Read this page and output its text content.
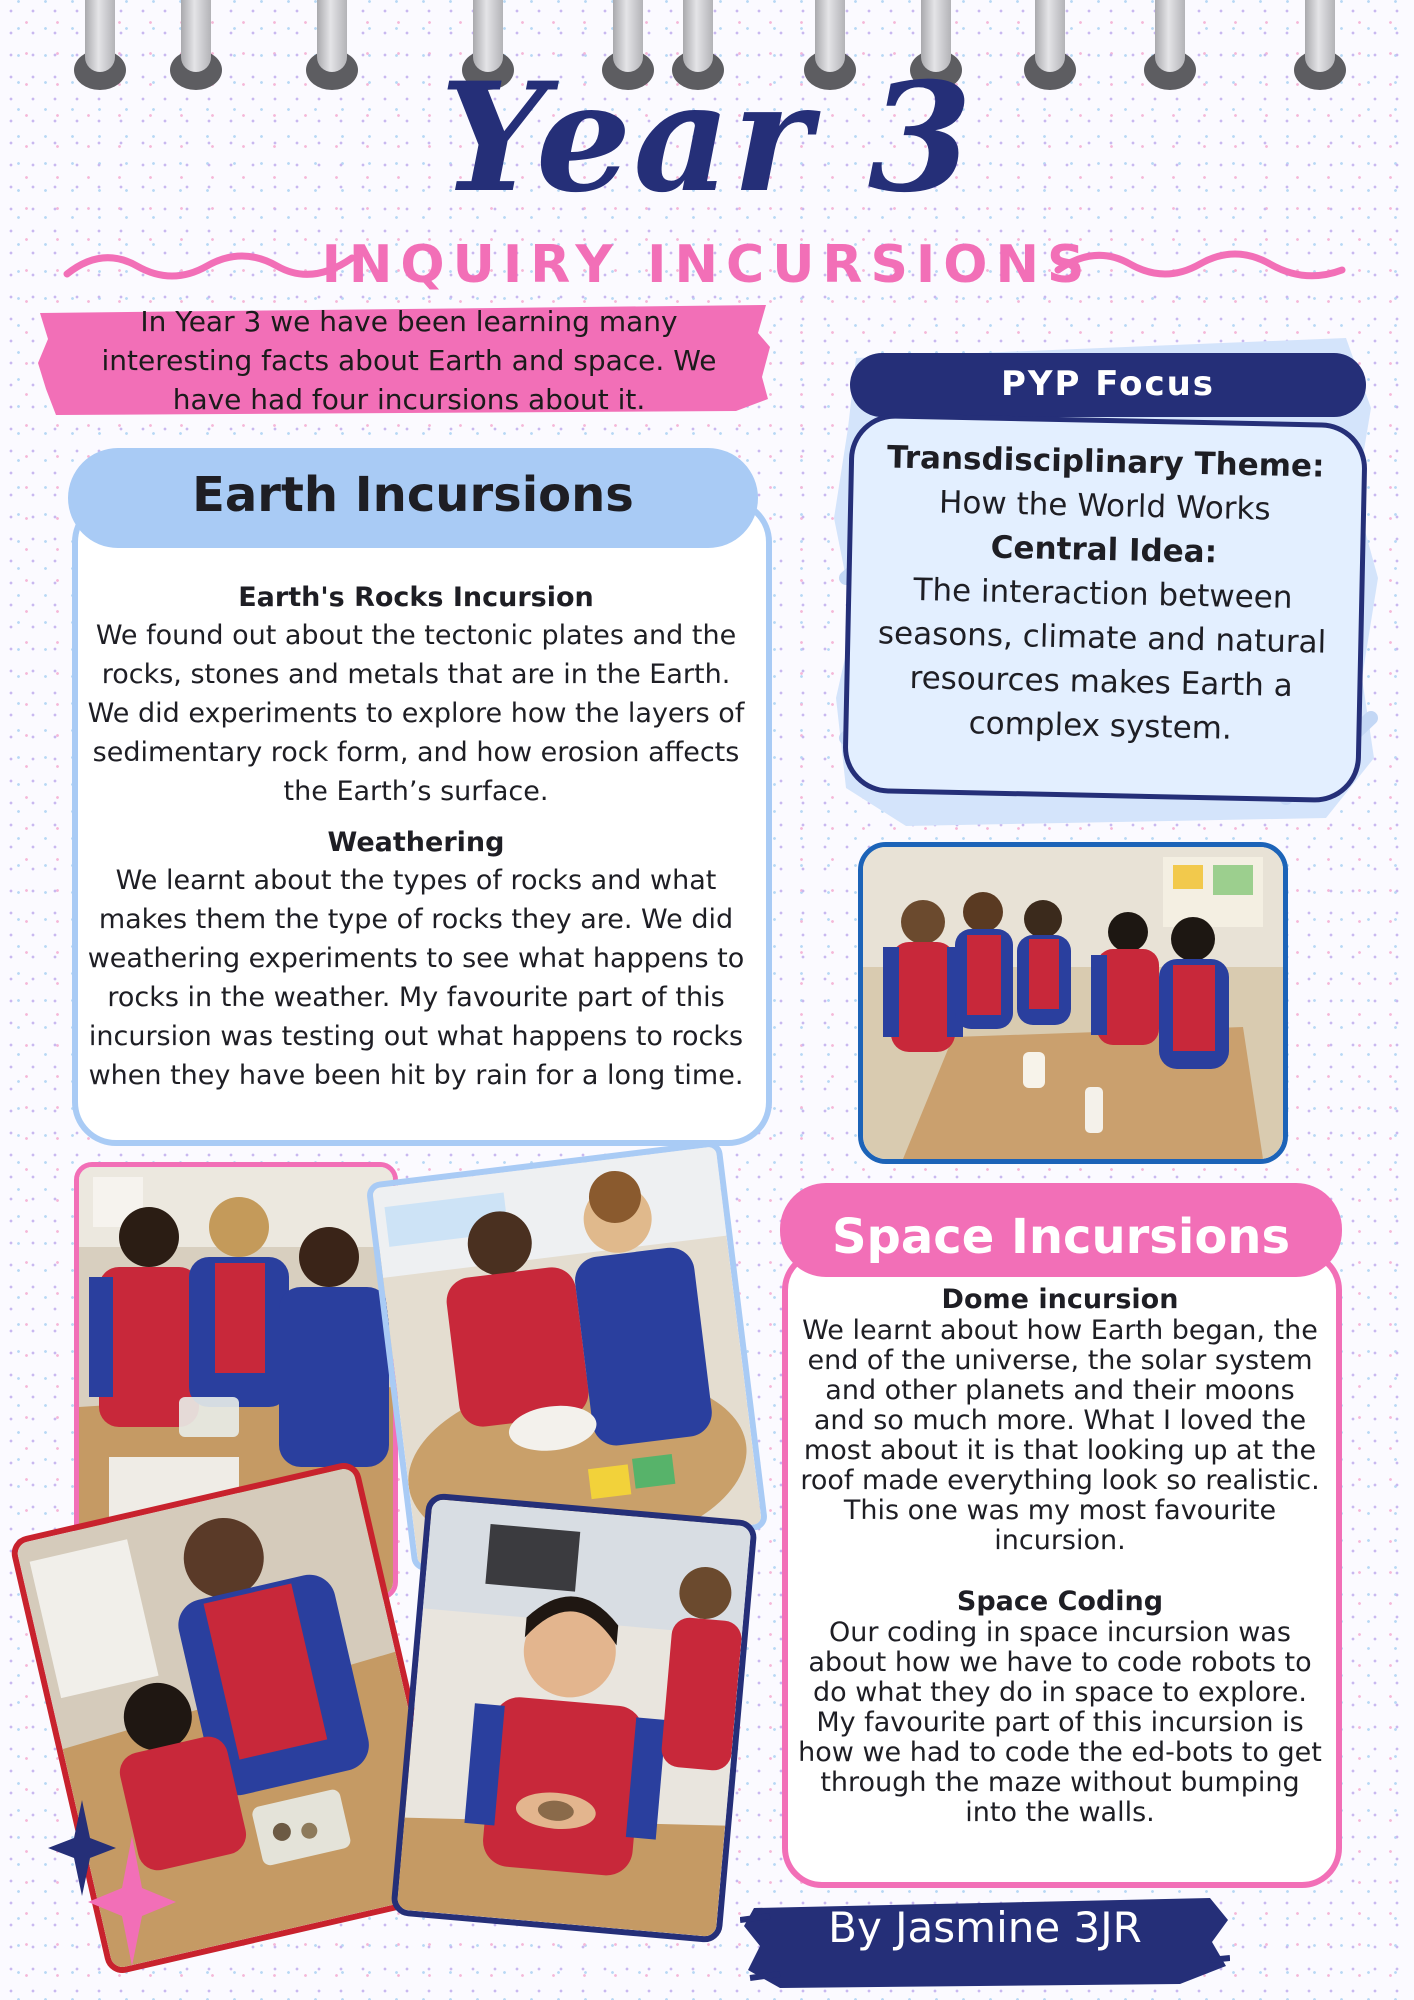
Year 3
INQUIRY INCURSIONS
In Year 3 we have been learning many interesting facts about Earth and space. We have had four incursions about it.
Earth Incursions
Earth's Rocks Incursion

We found out about the tectonic plates and the rocks, stones and metals that are in the Earth. We did experiments to explore how the layers of sedimentary rock form, and how erosion affects the Earth’s surface.

Weathering

We learnt about the types of rocks and what makes them the type of rocks they are. We did weathering experiments to see what happens to rocks in the weather. My favourite part of this incursion was testing out what happens to rocks when they have been hit by rain for a long time.

PYP Focus
Transdisciplinary Theme:
How the World Works
Central Idea:
The interaction between seasons, climate and natural resources makes Earth a complex system.
Space Incursions
Dome incursion

We learnt about how Earth began, the end of the universe, the solar system and other planets and their moons and so much more. What I loved the most about it is that looking up at the roof made everything look so realistic. This one was my most favourite incursion.

Space Coding

Our coding in space incursion was about how we have to code robots to do what they do in space to explore. My favourite part of this incursion is how we had to code the ed-bots to get through the maze without bumping into the walls.

By Jasmine 3JR
